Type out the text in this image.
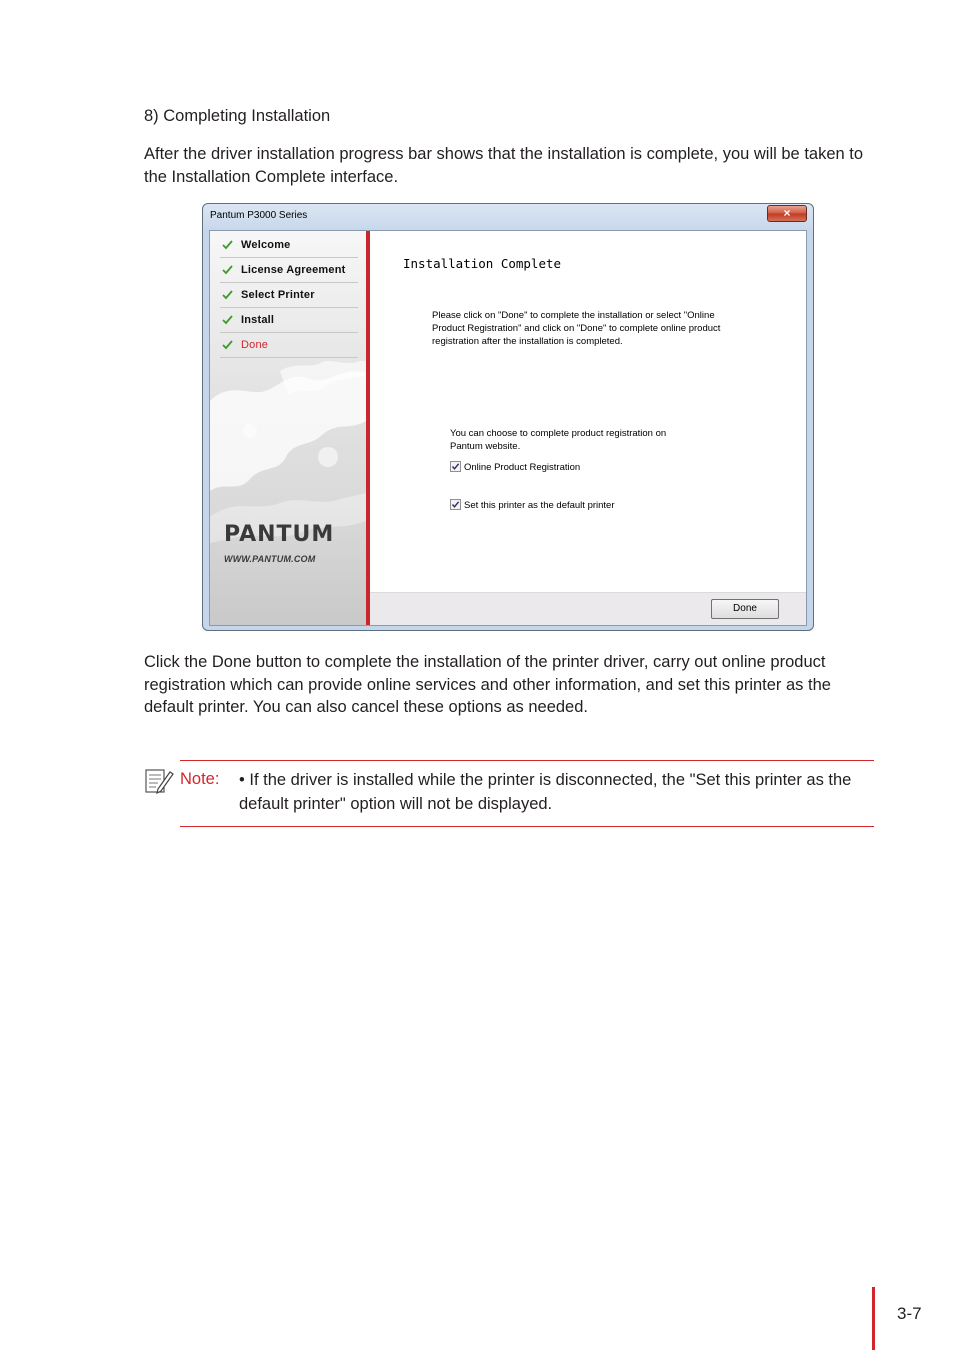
8) Completing Installation

After the driver installation progress bar shows that the installation is complete, you will be taken to the Installation Complete interface.

Pantum P3000 Series	×
Welcome
License Agreement
Select Printer
Install
Done
PANTUM
WWW.PANTUM.COM
Installation Complete

Please click on "Done" to complete the installation or select "Online Product Registration" and click on "Done" to complete online product registration after the installation is completed.

You can choose to complete product registration on Pantum website.

Online Product Registration
Set this printer as the default printer
Done

Click the Done button to complete the installation of the printer driver, carry out online product registration which can provide online services and other information, and set this printer as the default printer. You can also cancel these options as needed.

Note: • If the driver is installed while the printer is disconnected, the "Set this printer as the default printer" option will not be displayed.

3-7
